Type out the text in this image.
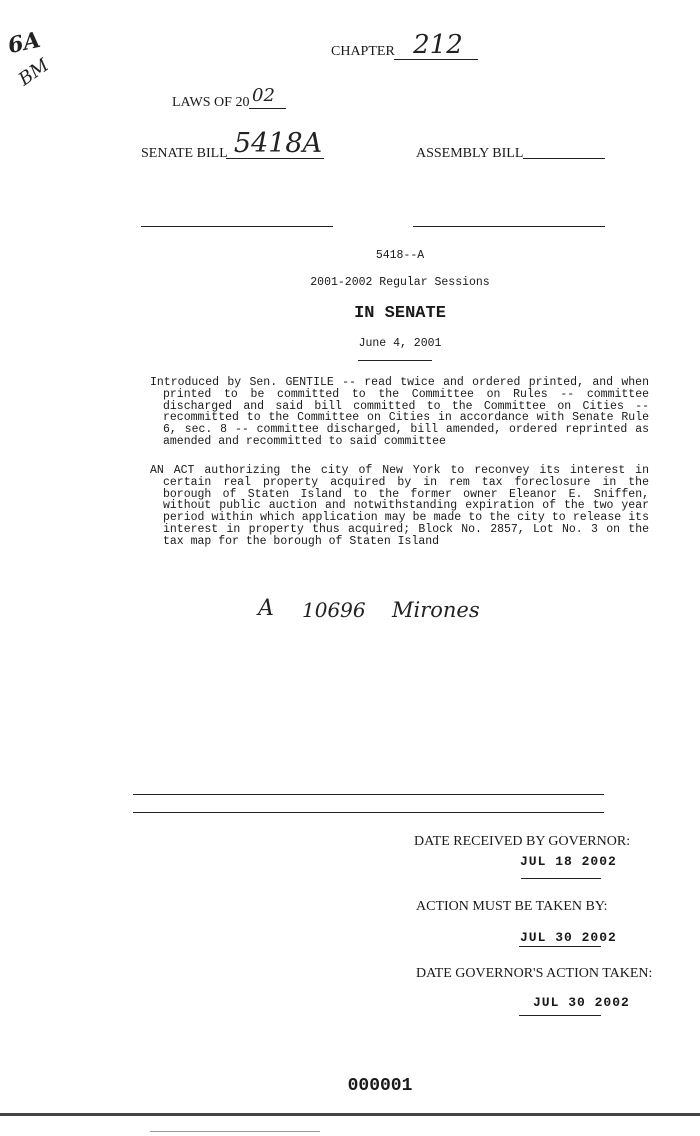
6A
BM
CHAPTER 212
LAWS OF 20 02
SENATE BILL 5418A	ASSEMBLY BILL
5418--A
2001-2002 Regular Sessions
IN SENATE
June 4, 2001
Introduced by Sen. GENTILE -- read twice and ordered printed, and when printed to be committed to the Committee on Rules -- committee discharged and said bill committed to the Committee on Cities -- recommitted to the Committee on Cities in accordance with Senate Rule 6, sec. 8 -- committee discharged, bill amended, ordered reprinted as amended and recommitted to said committee
AN ACT authorizing the city of New York to reconvey its interest in certain real property acquired by in rem tax foreclosure in the borough of Staten Island to the former owner Eleanor E. Sniffen, without public auction and notwithstanding expiration of the two year period within which application may be made to the city to release its interest in property thus acquired; Block No. 2857, Lot No. 3 on the tax map for the borough of Staten Island
A 10696 Mirones
DATE RECEIVED BY GOVERNOR:
JUL 18 2002
ACTION MUST BE TAKEN BY:
JUL 30 2002
DATE GOVERNOR'S ACTION TAKEN:
JUL 30 2002
000001
